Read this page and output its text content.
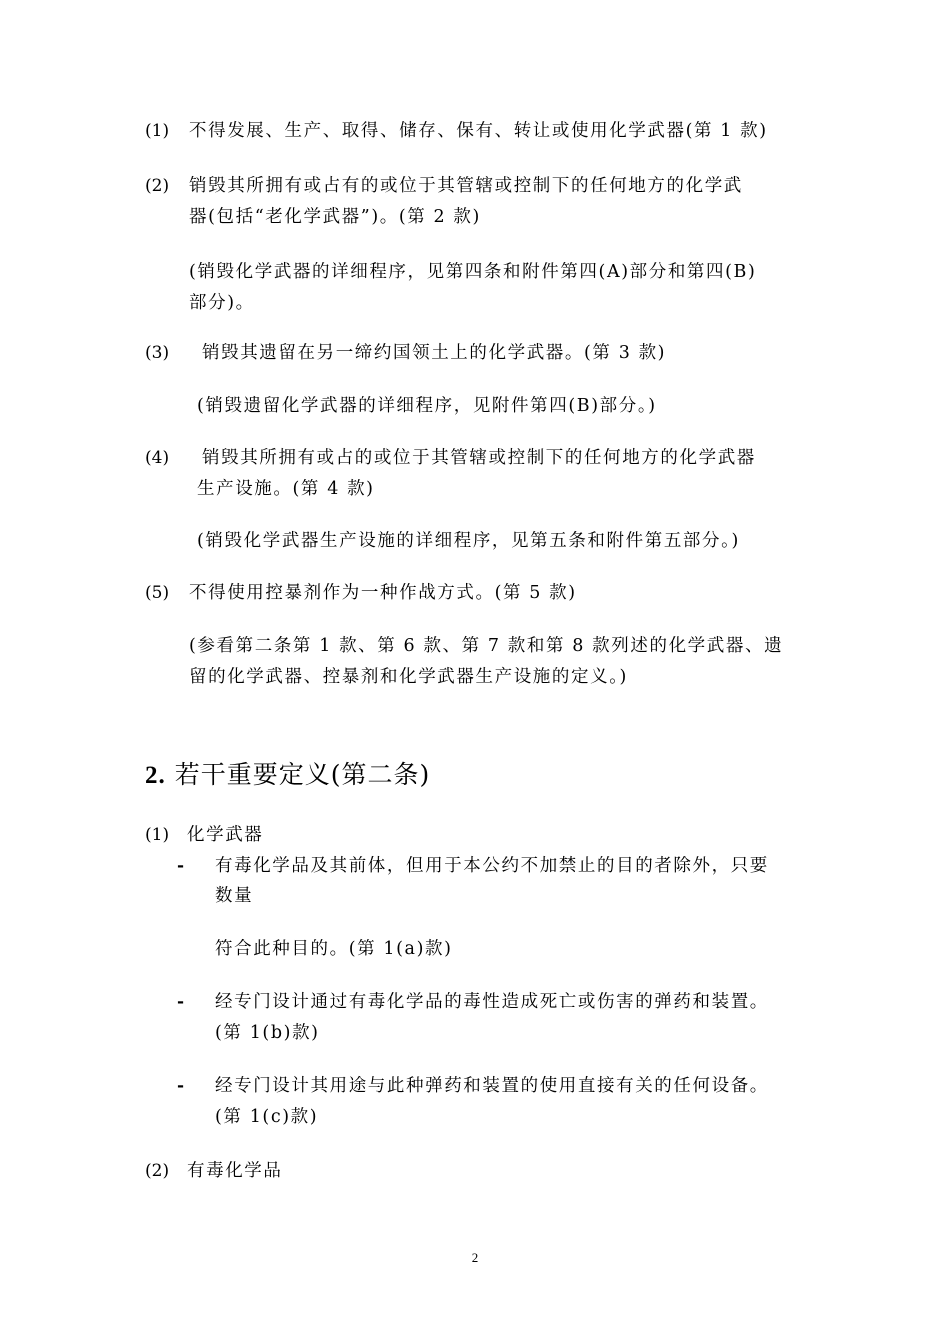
(1) 不得发展、生产、取得、储存、保有、转让或使用化学武器(第 1 款)
(2) 销毁其所拥有或占有的或位于其管辖或控制下的任何地方的化学武
器(包括“老化学武器”)。(第 2 款)
(销毁化学武器的详细程序，见第四条和附件第四(A)部分和第四(B)
部分)。
(3) 销毁其遗留在另一缔约国领土上的化学武器。(第 3 款)
(销毁遗留化学武器的详细程序，见附件第四(B)部分。)
(4) 销毁其所拥有或占的或位于其管辖或控制下的任何地方的化学武器
生产设施。(第 4 款)
(销毁化学武器生产设施的详细程序，见第五条和附件第五部分。)
(5) 不得使用控暴剂作为一种作战方式。(第 5 款)
(参看第二条第 1 款、第 6 款、第 7 款和第 8 款列述的化学武器、遗
留的化学武器、控暴剂和化学武器生产设施的定义。)
2. 若干重要定义(第二条)
(1) 化学武器
- 有毒化学品及其前体，但用于本公约不加禁止的目的者除外，只要
数量
符合此种目的。(第 1(a)款)
- 经专门设计通过有毒化学品的毒性造成死亡或伤害的弹药和装置。
(第 1(b)款)
- 经专门设计其用途与此种弹药和装置的使用直接有关的任何设备。
(第 1(c)款)
(2) 有毒化学品
2
